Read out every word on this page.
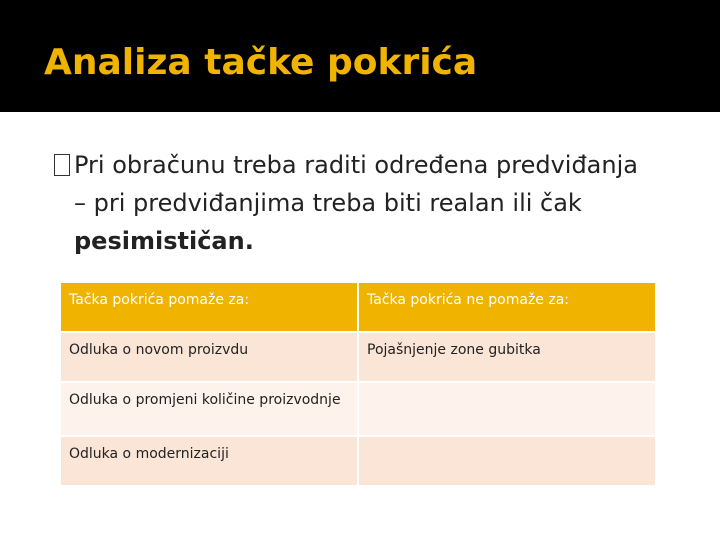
Analiza tačke pokrića
Pri obračunu treba raditi određena predviđanja – pri predviđanjima treba biti realan ili čak pesimističan.
Tačka pokrića pomaže za:	Tačka pokrića ne pomaže za:
Odluka o novom proizvdu	Pojašnjenje zone gubitka
Odluka o promjeni količine proizvodnje	
Odluka o modernizaciji	
